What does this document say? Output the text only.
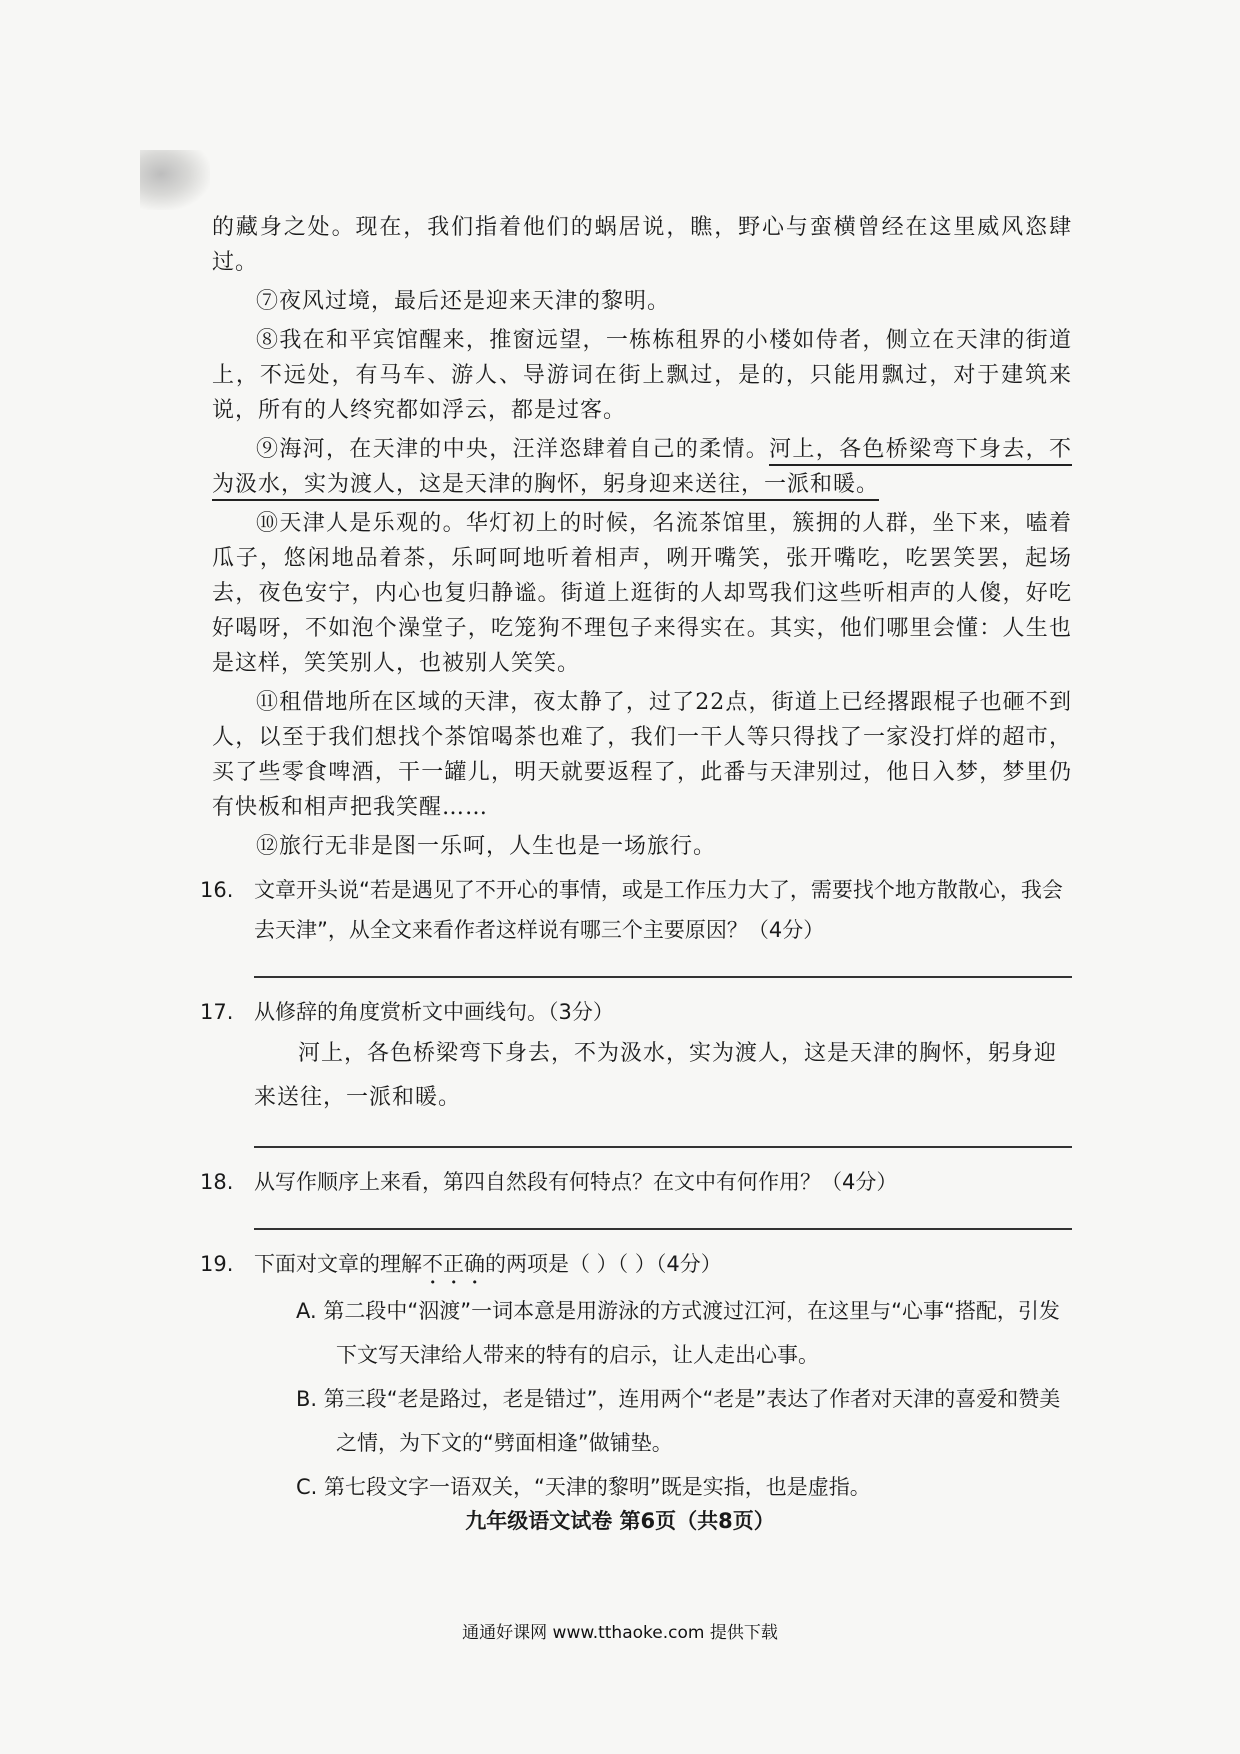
的藏身之处。现在，我们指着他们的蜗居说，瞧，野心与蛮横曾经在这里威风恣肆过。

⑦夜风过境，最后还是迎来天津的黎明。

⑧我在和平宾馆醒来，推窗远望，一栋栋租界的小楼如侍者，侧立在天津的街道上，不远处，有马车、游人、导游词在街上飘过，是的，只能用飘过，对于建筑来说，所有的人终究都如浮云，都是过客。

⑨海河，在天津的中央，汪洋恣肆着自己的柔情。河上，各色桥梁弯下身去，不为汲水，实为渡人，这是天津的胸怀，躬身迎来送往，一派和暖。

⑩天津人是乐观的。华灯初上的时候，名流茶馆里，簇拥的人群，坐下来，嗑着瓜子，悠闲地品着茶，乐呵呵地听着相声，咧开嘴笑，张开嘴吃，吃罢笑罢，起场去，夜色安宁，内心也复归静谧。街道上逛街的人却骂我们这些听相声的人傻，好吃好喝呀，不如泡个澡堂子，吃笼狗不理包子来得实在。其实，他们哪里会懂：人生也是这样，笑笑别人，也被别人笑笑。

⑪租借地所在区域的天津，夜太静了，过了22点，街道上已经撂跟棍子也砸不到人，以至于我们想找个茶馆喝茶也难了，我们一干人等只得找了一家没打烊的超市，买了些零食啤酒，干一罐儿，明天就要返程了，此番与天津别过，他日入梦，梦里仍有快板和相声把我笑醒……

⑫旅行无非是图一乐呵，人生也是一场旅行。

16. 文章开头说“若是遇见了不开心的事情，或是工作压力大了，需要找个地方散散心，我会去天津”，从全文来看作者这样说有哪三个主要原因？（4分）
17. 从修辞的角度赏析文中画线句。（3分）
河上，各色桥梁弯下身去，不为汲水，实为渡人，这是天津的胸怀，躬身迎来送往，一派和暖。
18. 从写作顺序上来看，第四自然段有何特点？在文中有何作用？（4分）
19. 下面对文章的理解不正确的两项是（ ）（ ）（4分）
A. 第二段中“泅渡”一词本意是用游泳的方式渡过江河，在这里与“心事“搭配，引发下文写天津给人带来的特有的启示，让人走出心事。
B. 第三段“老是路过，老是错过”，连用两个“老是”表达了作者对天津的喜爱和赞美之情，为下文的“劈面相逢”做铺垫。
C. 第七段文字一语双关，“天津的黎明”既是实指，也是虚指。
九年级语文试卷 第6页（共8页）
通通好课网 www.tthaoke.com 提供下载
